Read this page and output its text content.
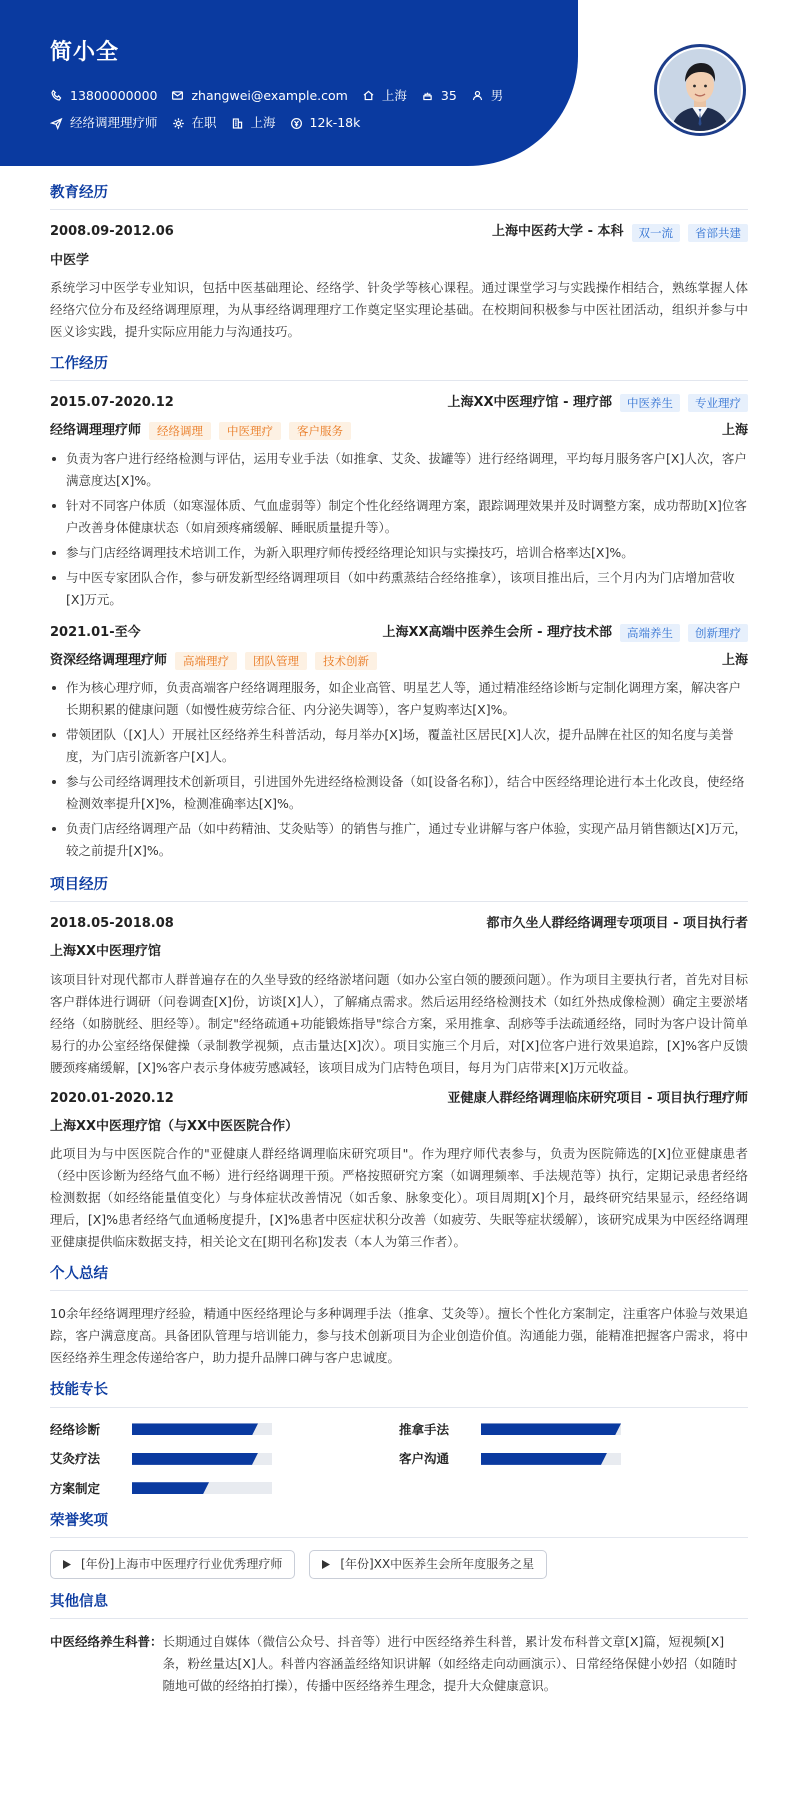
简小全
13800000000	zhangwei@example.com	上海	35	男
经络调理理疗师	在职	上海	12k-18k
教育经历
2008.09-2012.06	上海中医药大学 - 本科	双一流	省部共建
中医学
系统学习中医学专业知识，包括中医基础理论、经络学、针灸学等核心课程。通过课堂学习与实践操作相结合，熟练掌握人体经络穴位分布及经络调理原理，为从事经络调理理疗工作奠定坚实理论基础。在校期间积极参与中医社团活动，组织并参与中医义诊实践，提升实际应用能力与沟通技巧。
工作经历
2015.07-2020.12	上海XX中医理疗馆 - 理疗部	中医养生	专业理疗
经络调理理疗师	经络调理	中医理疗	客户服务	上海
负责为客户进行经络检测与评估，运用专业手法（如推拿、艾灸、拔罐等）进行经络调理，平均每月服务客户[X]人次，客户满意度达[X]%。
针对不同客户体质（如寒湿体质、气血虚弱等）制定个性化经络调理方案，跟踪调理效果并及时调整方案，成功帮助[X]位客户改善身体健康状态（如肩颈疼痛缓解、睡眠质量提升等）。
参与门店经络调理技术培训工作，为新入职理疗师传授经络理论知识与实操技巧，培训合格率达[X]%。
与中医专家团队合作，参与研发新型经络调理项目（如中药熏蒸结合经络推拿），该项目推出后，三个月内为门店增加营收[X]万元。
2021.01-至今	上海XX高端中医养生会所 - 理疗技术部	高端养生	创新理疗
资深经络调理理疗师	高端理疗	团队管理	技术创新	上海
作为核心理疗师，负责高端客户经络调理服务，如企业高管、明星艺人等，通过精准经络诊断与定制化调理方案，解决客户长期积累的健康问题（如慢性疲劳综合征、内分泌失调等），客户复购率达[X]%。
带领团队（[X]人）开展社区经络养生科普活动，每月举办[X]场，覆盖社区居民[X]人次，提升品牌在社区的知名度与美誉度，为门店引流新客户[X]人。
参与公司经络调理技术创新项目，引进国外先进经络检测设备（如[设备名称]），结合中医经络理论进行本土化改良，使经络检测效率提升[X]%，检测准确率达[X]%。
负责门店经络调理产品（如中药精油、艾灸贴等）的销售与推广，通过专业讲解与客户体验，实现产品月销售额达[X]万元，较之前提升[X]%。
项目经历
2018.05-2018.08	都市久坐人群经络调理专项项目 - 项目执行者
上海XX中医理疗馆
该项目针对现代都市人群普遍存在的久坐导致的经络淤堵问题（如办公室白领的腰颈问题）。作为项目主要执行者，首先对目标客户群体进行调研（问卷调查[X]份，访谈[X]人），了解痛点需求。然后运用经络检测技术（如红外热成像检测）确定主要淤堵经络（如膀胱经、胆经等）。制定"经络疏通+功能锻炼指导"综合方案，采用推拿、刮痧等手法疏通经络，同时为客户设计简单易行的办公室经络保健操（录制教学视频，点击量达[X]次）。项目实施三个月后，对[X]位客户进行效果追踪，[X]%客户反馈腰颈疼痛缓解，[X]%客户表示身体疲劳感减轻，该项目成为门店特色项目，每月为门店带来[X]万元收益。
2020.01-2020.12	亚健康人群经络调理临床研究项目 - 项目执行理疗师
上海XX中医理疗馆（与XX中医医院合作）
此项目为与中医医院合作的"亚健康人群经络调理临床研究项目"。作为理疗师代表参与，负责为医院筛选的[X]位亚健康患者（经中医诊断为经络气血不畅）进行经络调理干预。严格按照研究方案（如调理频率、手法规范等）执行，定期记录患者经络检测数据（如经络能量值变化）与身体症状改善情况（如舌象、脉象变化）。项目周期[X]个月，最终研究结果显示，经经络调理后，[X]%患者经络气血通畅度提升，[X]%患者中医症状积分改善（如疲劳、失眠等症状缓解），该研究成果为中医经络调理亚健康提供临床数据支持，相关论文在[期刊名称]发表（本人为第三作者）。
个人总结
10余年经络调理理疗经验，精通中医经络理论与多种调理手法（推拿、艾灸等）。擅长个性化方案制定，注重客户体验与效果追踪，客户满意度高。具备团队管理与培训能力，参与技术创新项目为企业创造价值。沟通能力强，能精准把握客户需求，将中医经络养生理念传递给客户，助力提升品牌口碑与客户忠诚度。
技能专长
经络诊断	推拿手法
艾灸疗法	客户沟通
方案制定
荣誉奖项
[年份]上海市中医理疗行业优秀理疗师	[年份]XX中医养生会所年度服务之星
其他信息
中医经络养生科普： 长期通过自媒体（微信公众号、抖音等）进行中医经络养生科普，累计发布科普文章[X]篇，短视频[X]条，粉丝量达[X]人。科普内容涵盖经络知识讲解（如经络走向动画演示）、日常经络保健小妙招（如随时随地可做的经络拍打操），传播中医经络养生理念，提升大众健康意识。
